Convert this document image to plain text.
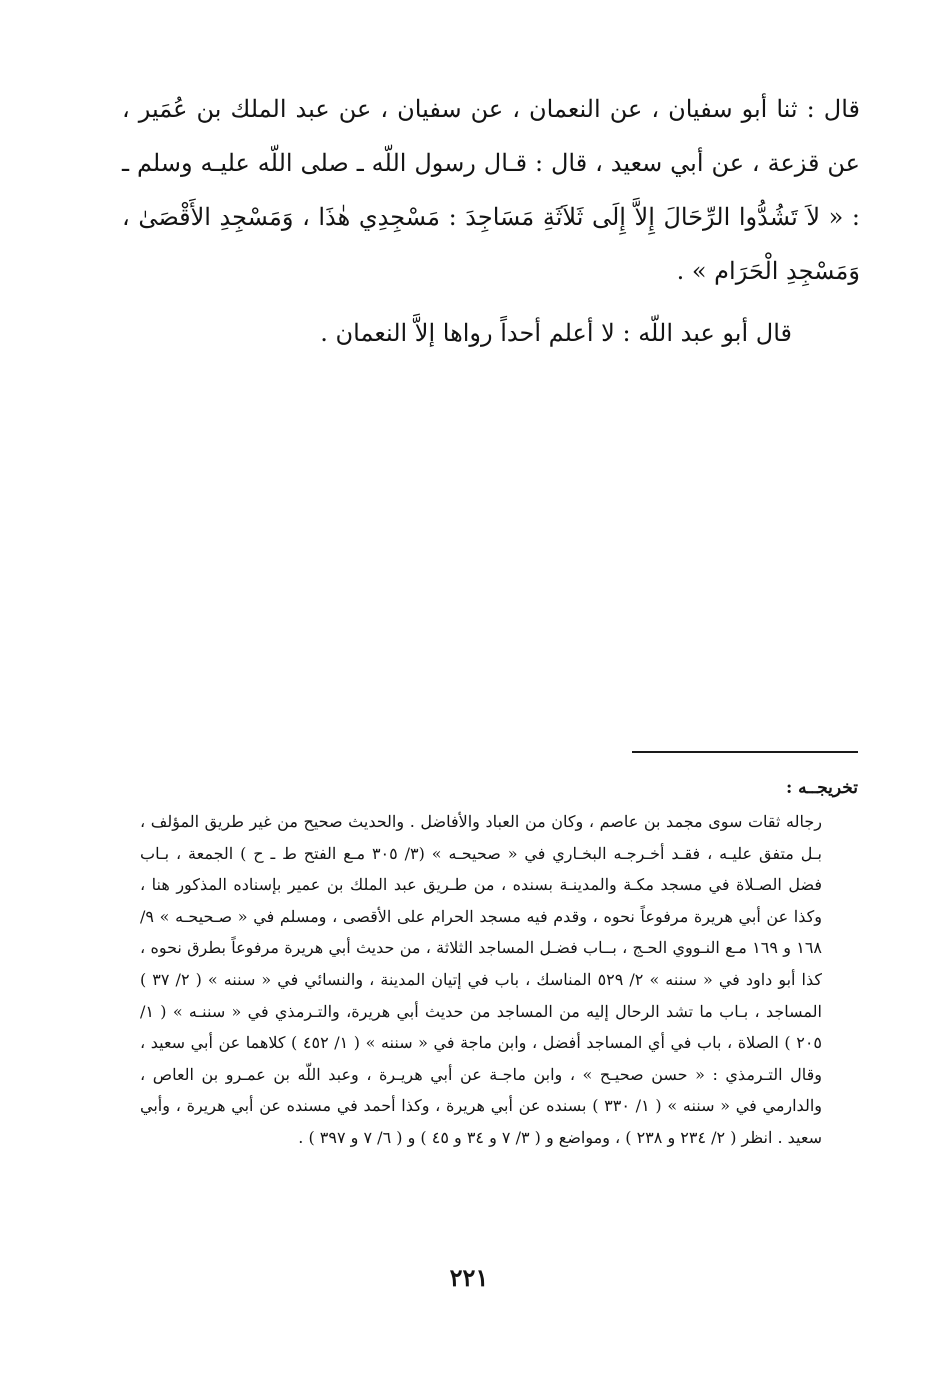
قال : ثنا أبو سفيان ، عن النعمان ، عن سفيان ، عن عبد الملك بن عُمَير ، عن قزعة ، عن أبي سعيد ، قال : قـال رسول اللّه ـ صلى اللّه عليـه وسلم ـ : « لاَ تَشُدُّوا الرِّحَالَ إِلاَّ إِلَى ثَلاَثَةِ مَسَاجِدَ : مَسْجِدِي هٰذَا ، وَمَسْجِدِ الأَقْصَىٰ ، وَمَسْجِدِ الْحَرَام » .

قال أبو عبد اللّه : لا أعلم أحداً رواها إلاَّ النعمان .

تخريجــه :

رجاله ثقات سوى مجمد بن عاصم ، وكان من العباد والأفاضل . والحديث صحيح من غير طريق المؤلف ، بـل متفق عليـه ، فقـد أخـرجـه البخـاري في « صحيحـه » (٣/ ٣٠٥ مـع الفتح ط ـ ح ) الجمعة ، بـاب فضل الصـلاة في مسجد مكـة والمدينـة بسنده ، من طـريق عبد الملك بن عمير بإسناده المذكور هنا ، وكذا عن أبي هريرة مرفوعاً نحوه ، وقدم فيه مسجد الحرام على الأقصى ، ومسلم في « صـحيحـه » ٩/ ١٦٨ و ١٦٩ مـع النـووي الحـج ، بــاب فضـل المساجد الثلاثة ، من حديث أبي هريرة مرفوعاً بطرق نحوه ، كذا أبو داود في « سننه » ٢/ ٥٢٩ المناسك ، باب في إتيان المدينة ، والنسائي في « سننه » ( ٢/ ٣٧ ) المساجد ، بـاب ما تشد الرحال إليه من المساجد من حديث أبي هريرة، والتـرمذي في « سننـه » ( ١/ ٢٠٥ ) الصلاة ، باب في أي المساجد أفضل ، وابن ماجة في « سننه » ( ١/ ٤٥٢ ) كلاهما عن أبي سعيد ، وقال التـرمذي : « حسن صحيـح » ، وابن ماجـة عن أبي هريـرة ، وعبد اللّه بن عمـرو بن العاص ، والدارمي في « سننه » ( ١/ ٣٣٠ ) بسنده عن أبي هريرة ، وكذا أحمد في مسنده عن أبي هريرة ، وأبي سعيد . انظر ( ٢/ ٢٣٤ و ٢٣٨ ) ، ومواضع و ( ٣/ ٧ و ٣٤ و ٤٥ ) و ( ٦/ ٧ و ٣٩٧ ) .

٢٢١
